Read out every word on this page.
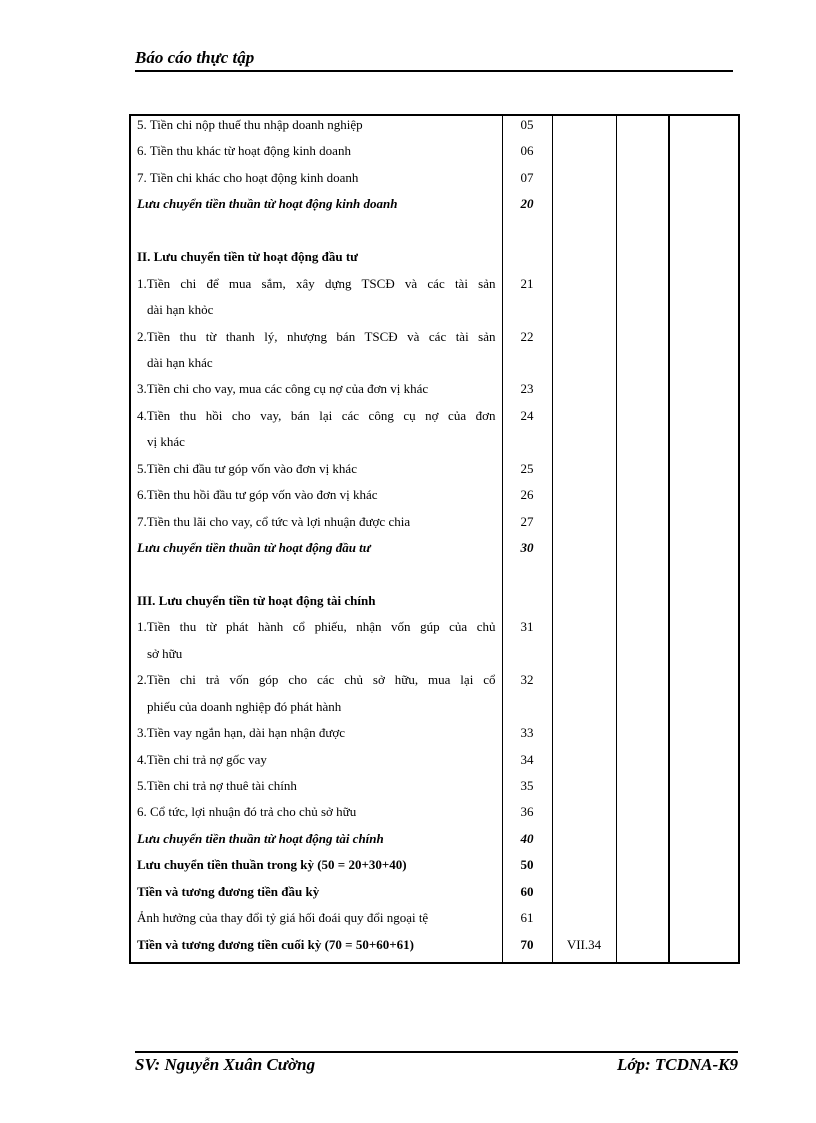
Báo cáo thực tập
5. Tiền chi nộp thuế thu nhập doanh nghiệp	05			

6. Tiền thu khác từ hoạt động kinh doanh	06			

7. Tiền chi khác cho hoạt động kinh doanh	07			

Lưu chuyển tiền thuần từ hoạt động kinh doanh	20			

II. Lưu chuyển tiền từ hoạt động đầu tư				

1.Tiền chi để mua sắm, xây dựng TSCĐ và các tài sản
dài hạn khỏc	21			

2.Tiền thu từ thanh lý, nhượng bán TSCĐ và các tài sản
dài hạn khác	22			

3.Tiền chi cho vay, mua các công cụ nợ của đơn vị khác	23			

4.Tiền thu hồi cho vay, bán lại các công cụ nợ của đơn
vị khác	24			

5.Tiền chi đầu tư góp vốn vào đơn vị khác	25			

6.Tiền thu hồi đầu tư góp vốn vào đơn vị khác	26			

7.Tiền thu lãi cho vay, cổ tức và lợi nhuận được chia	27			

Lưu chuyển tiền thuần từ hoạt động đầu tư	30			

III. Lưu chuyển tiền từ hoạt động tài chính				

1.Tiền thu từ phát hành cổ phiếu, nhận vốn gúp của chủ
sở hữu	31			

2.Tiền chi trả vốn góp cho các chủ sở hữu, mua lại cổ
phiếu của doanh nghiệp đó phát hành	32			

3.Tiền vay ngắn hạn, dài hạn nhận được	33			

4.Tiền chi trả nợ gốc vay	34			

5.Tiền chi trả nợ thuê tài chính	35			

6. Cổ tức, lợi nhuận đó trả cho chủ sở hữu	36			

Lưu chuyển tiền thuần từ hoạt động tài chính	40			

Lưu chuyển tiền thuần trong kỳ (50 = 20+30+40)	50			

Tiền và tương đương tiền đầu kỳ	60			

Ảnh hưởng của thay đổi tỷ giá hối đoái quy đổi ngoại tệ	61			

Tiền và tương đương tiền cuối kỳ (70 = 50+60+61)	70	VII.34		

SV: Nguyễn Xuân Cường	Lớp: TCDNA-K9
